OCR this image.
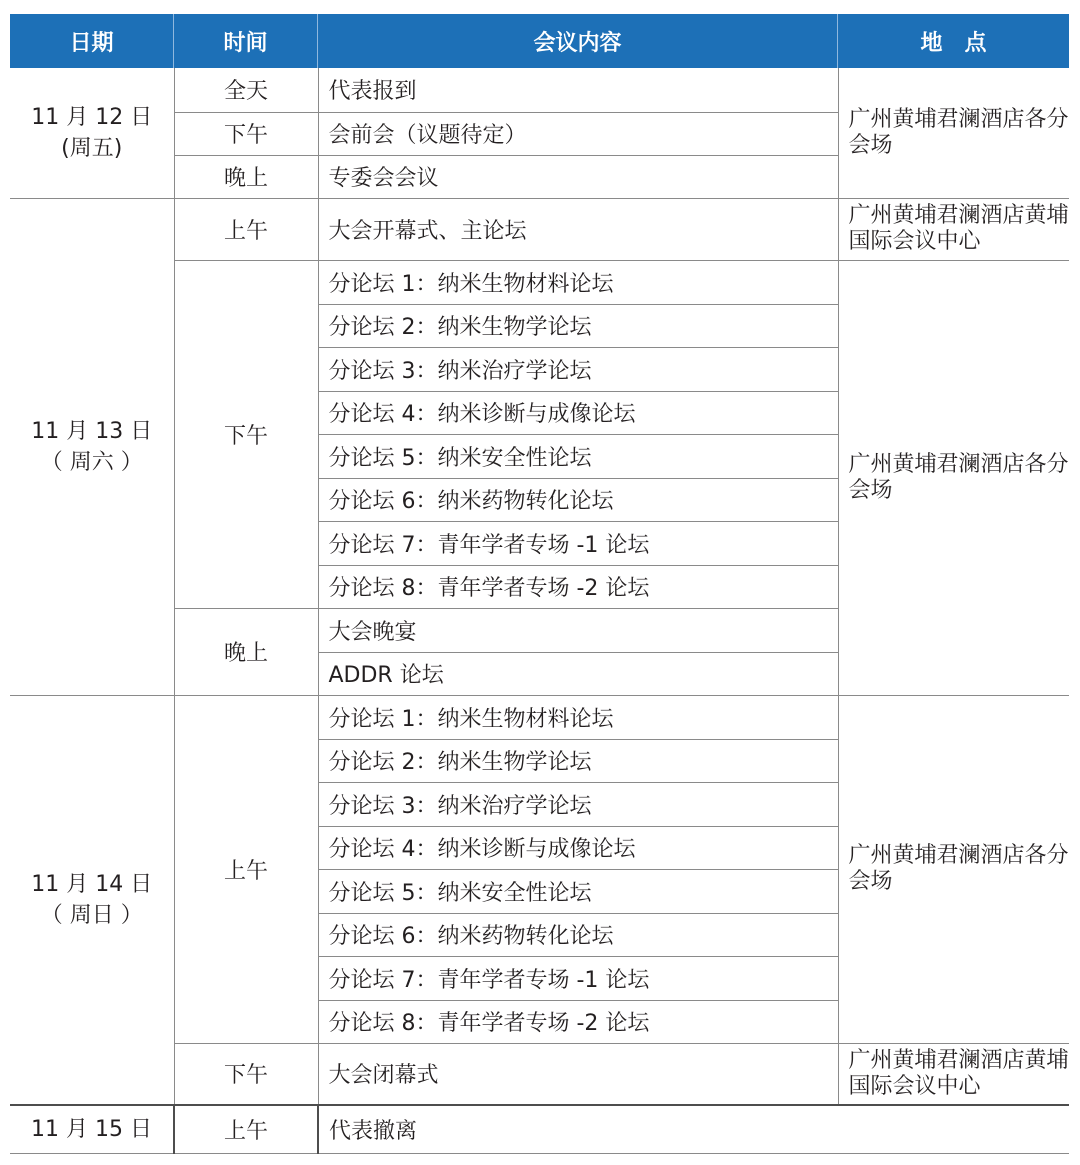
日期	时间	会议内容	地　点
11 月 12 日
(周五)	全天	代表报到	广州黄埔君澜酒店各分会场
	下午	会前会（议题待定）	
	晚上	专委会会议	
11 月 13 日
（ 周六 ）	上午	大会开幕式、主论坛	广州黄埔君澜酒店黄埔国际会议中心
	下午	分论坛 1：纳米生物材料论坛	广州黄埔君澜酒店各分会场
		分论坛 2：纳米生物学论坛	
		分论坛 3：纳米治疗学论坛	
		分论坛 4：纳米诊断与成像论坛	
		分论坛 5：纳米安全性论坛	
		分论坛 6：纳米药物转化论坛	
		分论坛 7：青年学者专场 -1 论坛	
		分论坛 8：青年学者专场 -2 论坛	
	晚上	大会晚宴	
		ADDR 论坛	
11 月 14 日
（ 周日 ）	上午	分论坛 1：纳米生物材料论坛	广州黄埔君澜酒店各分会场
		分论坛 2：纳米生物学论坛	
		分论坛 3：纳米治疗学论坛	
		分论坛 4：纳米诊断与成像论坛	
		分论坛 5：纳米安全性论坛	
		分论坛 6：纳米药物转化论坛	
		分论坛 7：青年学者专场 -1 论坛	
		分论坛 8：青年学者专场 -2 论坛	
	下午	大会闭幕式	广州黄埔君澜酒店黄埔国际会议中心
11 月 15 日	上午	代表撤离	
